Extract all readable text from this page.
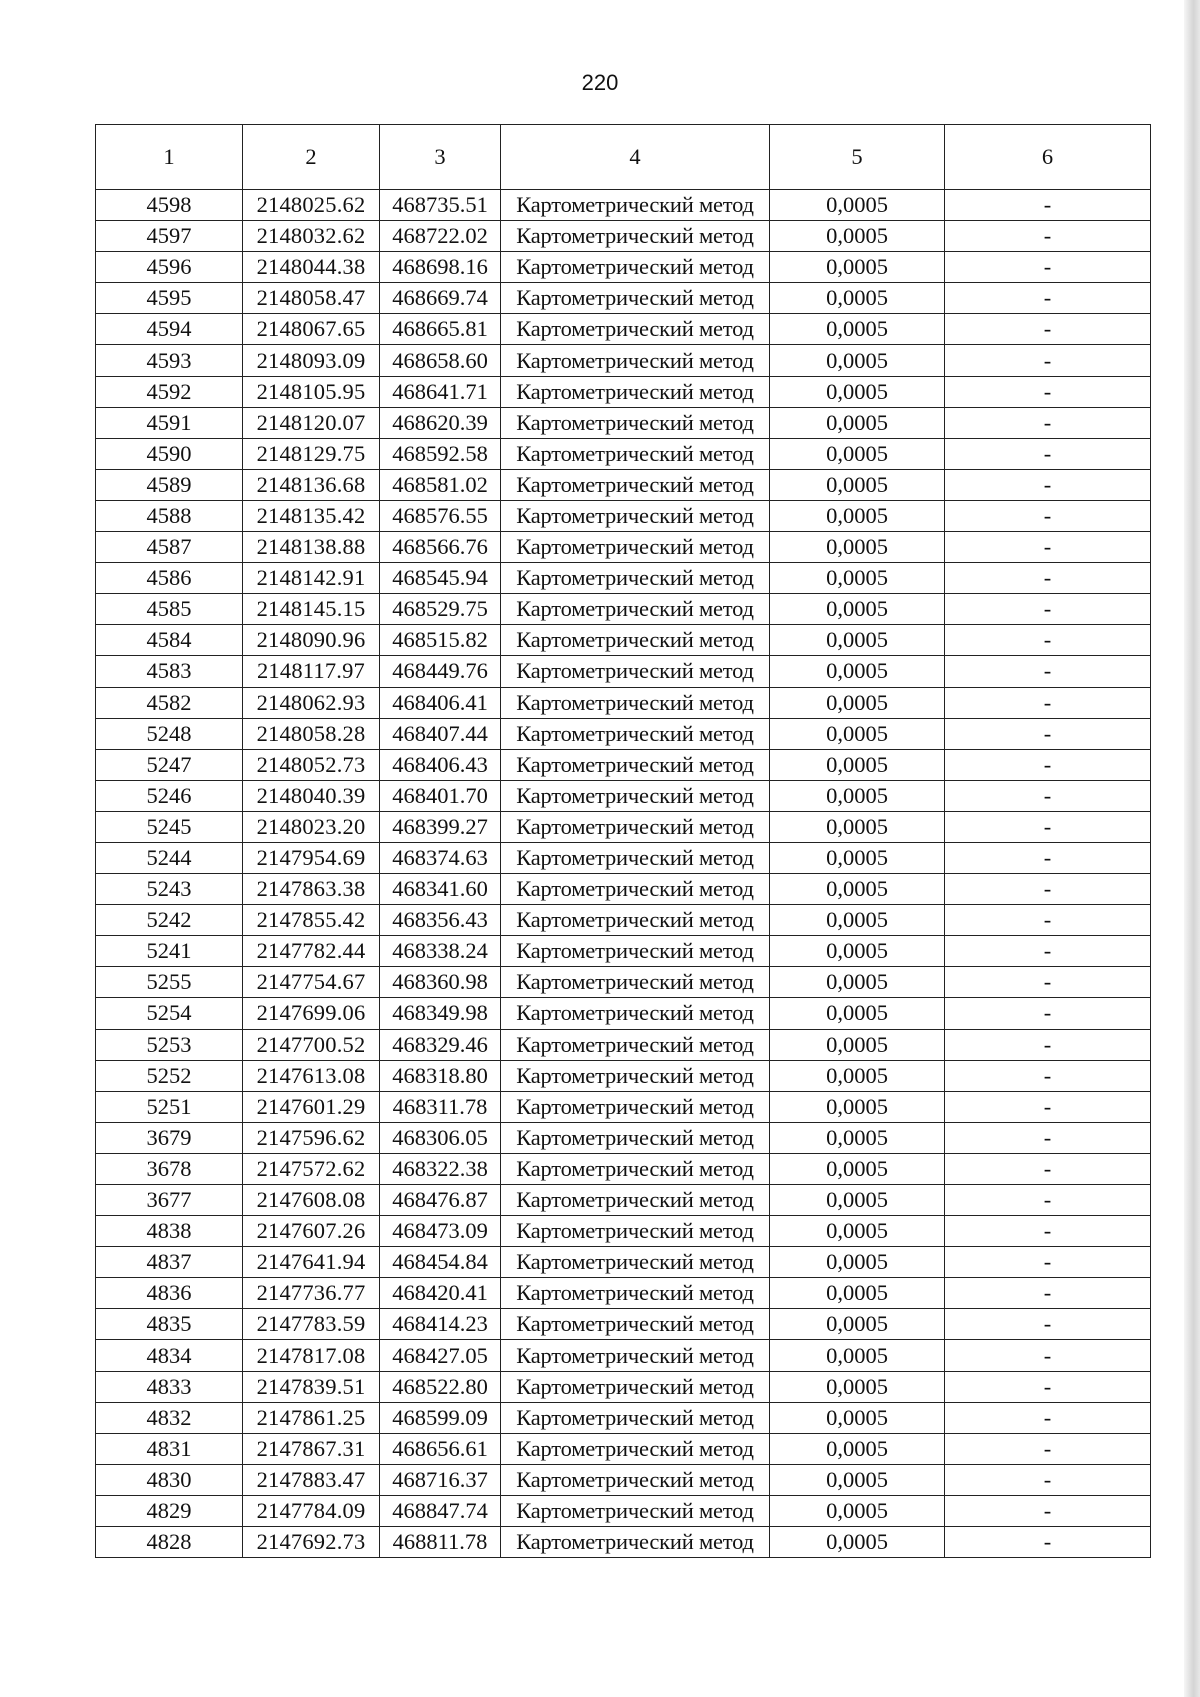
220
1	2	3	4	5	6
4598	2148025.62	468735.51	Картометрический метод	0,0005	-
4597	2148032.62	468722.02	Картометрический метод	0,0005	-
4596	2148044.38	468698.16	Картометрический метод	0,0005	-
4595	2148058.47	468669.74	Картометрический метод	0,0005	-
4594	2148067.65	468665.81	Картометрический метод	0,0005	-
4593	2148093.09	468658.60	Картометрический метод	0,0005	-
4592	2148105.95	468641.71	Картометрический метод	0,0005	-
4591	2148120.07	468620.39	Картометрический метод	0,0005	-
4590	2148129.75	468592.58	Картометрический метод	0,0005	-
4589	2148136.68	468581.02	Картометрический метод	0,0005	-
4588	2148135.42	468576.55	Картометрический метод	0,0005	-
4587	2148138.88	468566.76	Картометрический метод	0,0005	-
4586	2148142.91	468545.94	Картометрический метод	0,0005	-
4585	2148145.15	468529.75	Картометрический метод	0,0005	-
4584	2148090.96	468515.82	Картометрический метод	0,0005	-
4583	2148117.97	468449.76	Картометрический метод	0,0005	-
4582	2148062.93	468406.41	Картометрический метод	0,0005	-
5248	2148058.28	468407.44	Картометрический метод	0,0005	-
5247	2148052.73	468406.43	Картометрический метод	0,0005	-
5246	2148040.39	468401.70	Картометрический метод	0,0005	-
5245	2148023.20	468399.27	Картометрический метод	0,0005	-
5244	2147954.69	468374.63	Картометрический метод	0,0005	-
5243	2147863.38	468341.60	Картометрический метод	0,0005	-
5242	2147855.42	468356.43	Картометрический метод	0,0005	-
5241	2147782.44	468338.24	Картометрический метод	0,0005	-
5255	2147754.67	468360.98	Картометрический метод	0,0005	-
5254	2147699.06	468349.98	Картометрический метод	0,0005	-
5253	2147700.52	468329.46	Картометрический метод	0,0005	-
5252	2147613.08	468318.80	Картометрический метод	0,0005	-
5251	2147601.29	468311.78	Картометрический метод	0,0005	-
3679	2147596.62	468306.05	Картометрический метод	0,0005	-
3678	2147572.62	468322.38	Картометрический метод	0,0005	-
3677	2147608.08	468476.87	Картометрический метод	0,0005	-
4838	2147607.26	468473.09	Картометрический метод	0,0005	-
4837	2147641.94	468454.84	Картометрический метод	0,0005	-
4836	2147736.77	468420.41	Картометрический метод	0,0005	-
4835	2147783.59	468414.23	Картометрический метод	0,0005	-
4834	2147817.08	468427.05	Картометрический метод	0,0005	-
4833	2147839.51	468522.80	Картометрический метод	0,0005	-
4832	2147861.25	468599.09	Картометрический метод	0,0005	-
4831	2147867.31	468656.61	Картометрический метод	0,0005	-
4830	2147883.47	468716.37	Картометрический метод	0,0005	-
4829	2147784.09	468847.74	Картометрический метод	0,0005	-
4828	2147692.73	468811.78	Картометрический метод	0,0005	-
